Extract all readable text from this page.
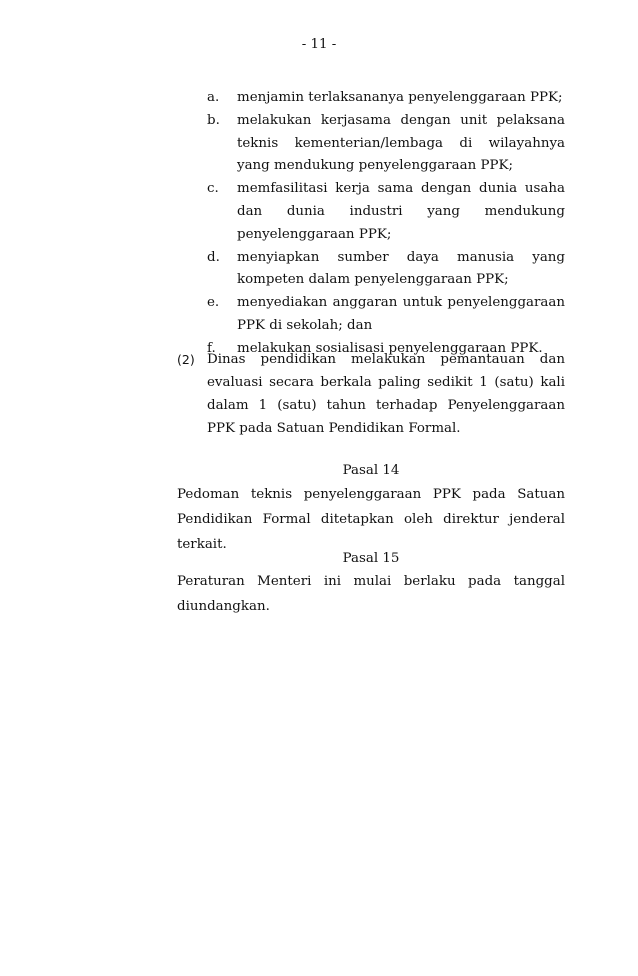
- 11 -
a.	menjamin terlaksananya penyelenggaraan PPK;
b.	melakukan kerjasama dengan unit pelaksana teknis kementerian/lembaga di wilayahnya yang mendukung penyelenggaraan PPK;
c.	memfasilitasi kerja sama dengan dunia usaha dan dunia industri yang mendukung penyelenggaraan PPK;
d.	menyiapkan sumber daya manusia yang kompeten dalam penyelenggaraan PPK;
e.	menyediakan anggaran untuk penyelenggaraan PPK di sekolah; dan
f.	melakukan sosialisasi penyelenggaraan PPK.
(2) Dinas pendidikan melakukan pemantauan dan evaluasi secara berkala paling sedikit 1 (satu) kali dalam 1 (satu) tahun terhadap Penyelenggaraan PPK pada Satuan Pendidikan Formal.
Pasal 14
Pedoman teknis penyelenggaraan PPK pada Satuan Pendidikan Formal ditetapkan oleh direktur jenderal terkait.
Pasal 15
Peraturan Menteri ini mulai berlaku pada tanggal diundangkan.
